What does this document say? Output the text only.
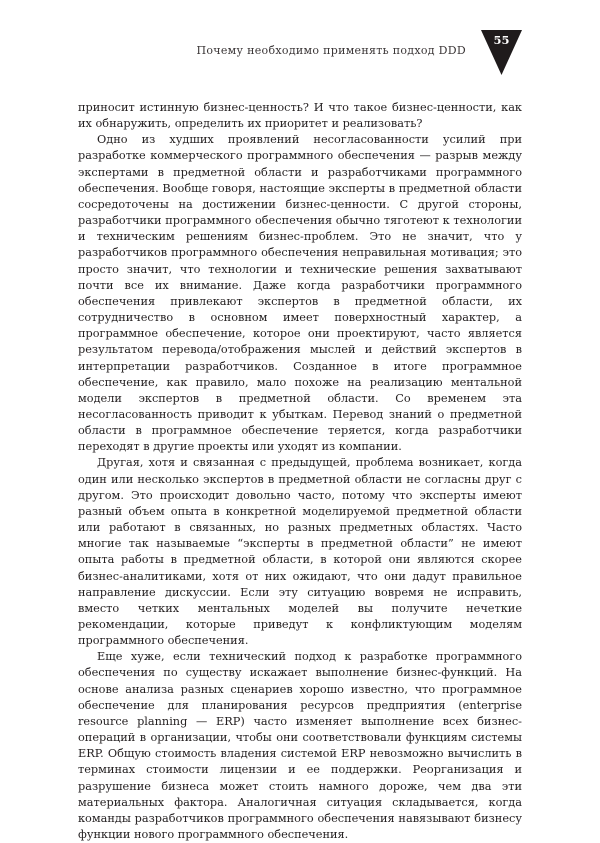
Почему необходимо применять подход DDD
55

приносит истинную бизнес-ценность? И что такое бизнес-ценности, как их обнаружить, определить их приоритет и реализовать?

Одно из худших проявлений несогласованности усилий при разработке коммерческого программного обеспечения — разрыв между экспертами в предметной области и разработчиками программного обеспечения. Вообще говоря, настоящие эксперты в предметной области сосредоточены на достижении бизнес-ценности. С другой стороны, разработчики программного обеспечения обычно тяготеют к технологии и техническим решениям бизнес-проблем. Это не значит, что у разработчиков программного обеспечения неправильная мотивация; это просто значит, что технологии и технические решения захватывают почти все их внимание. Даже когда разработчики программного обеспечения привлекают экспертов в предметной области, их сотрудничество в основном имеет поверхностный характер, а программное обеспечение, которое они проектируют, часто является результатом перевода/отображения мыслей и действий экспертов в интерпретации разработчиков. Созданное в итоге программное обеспечение, как правило, мало похоже на реализацию ментальной модели экспертов в предметной области. Со временем эта несогласованность приводит к убыткам. Перевод знаний о предметной области в программное обеспечение теряется, когда разработчики переходят в другие проекты или уходят из компании.

Другая, хотя и связанная с предыдущей, проблема возникает, когда один или несколько экспертов в предметной области не согласны друг с другом. Это происходит довольно часто, потому что эксперты имеют разный объем опыта в конкретной моделируемой предметной области или работают в связанных, но разных предметных областях. Часто многие так называемые “эксперты в предметной области” не имеют опыта работы в предметной области, в которой они являются скорее бизнес-аналитиками, хотя от них ожидают, что они дадут правильное направление дискуссии. Если эту ситуацию вовремя не исправить, вместо четких ментальных моделей вы получите нечеткие рекомендации, которые приведут к конфликтующим моделям программного обеспечения.

Еще хуже, если технический подход к разработке программного обеспечения по существу искажает выполнение бизнес-функций. На основе анализа разных сценариев хорошо известно, что программное обеспечение для планирования ресурсов предприятия (enterprise resource planning — ERP) часто изменяет выполнение всех бизнес-операций в организации, чтобы они соответствовали функциям системы ERP. Общую стоимость владения системой ERP невозможно вычислить в терминах стоимости лицензии и ее поддержки. Реорганизация и разрушение бизнеса может стоить намного дороже, чем два эти материальных фактора. Аналогичная ситуация складывается, когда команды разработчиков программного обеспечения навязывают бизнесу функции нового программного обеспечения.
